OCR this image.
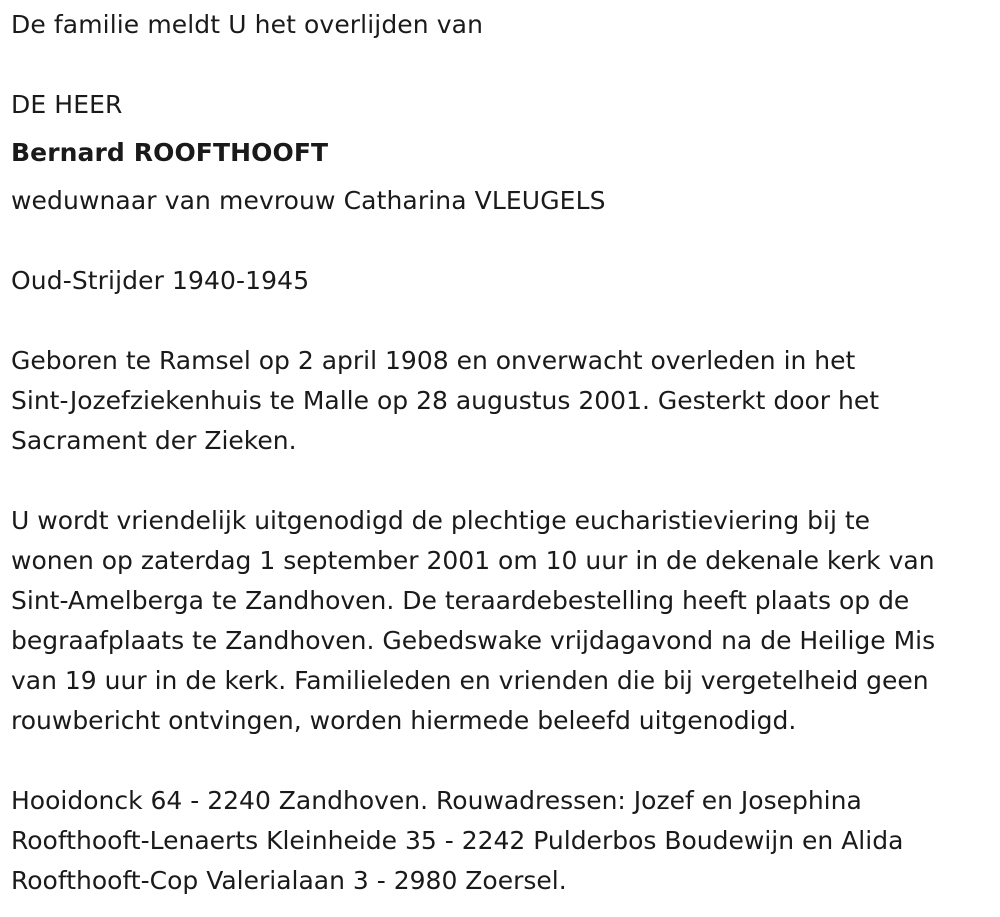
De familie meldt U het overlijden van
DE HEER
Bernard ROOFTHOOFT
weduwnaar van mevrouw Catharina VLEUGELS
Oud-Strijder 1940-1945
Geboren te Ramsel op 2 april 1908 en onverwacht overleden in het
Sint-Jozefziekenhuis te Malle op 28 augustus 2001. Gesterkt door het
Sacrament der Zieken.
U wordt vriendelijk uitgenodigd de plechtige eucharistieviering bij te
wonen op zaterdag 1 september 2001 om 10 uur in de dekenale kerk van
Sint-Amelberga te Zandhoven. De teraardebestelling heeft plaats op de
begraafplaats te Zandhoven. Gebedswake vrijdagavond na de Heilige Mis
van 19 uur in de kerk. Familieleden en vrienden die bij vergetelheid geen
rouwbericht ontvingen, worden hiermede beleefd uitgenodigd.
Hooidonck 64 - 2240 Zandhoven. Rouwadressen: Jozef en Josephina
Roofthooft-Lenaerts Kleinheide 35 - 2242 Pulderbos Boudewijn en Alida
Roofthooft-Cop Valerialaan 3 - 2980 Zoersel.
